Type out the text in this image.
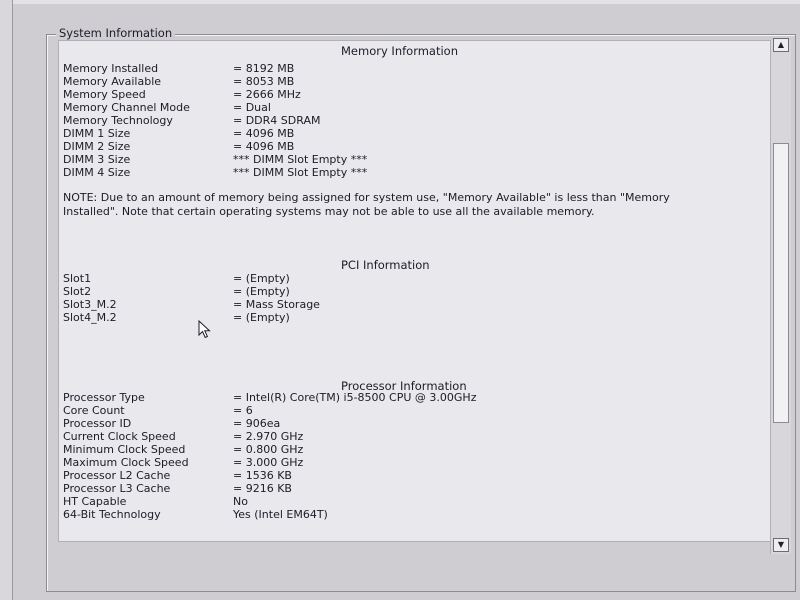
System Information
Memory Information
Memory Installed	= 8192 MB
Memory Available	= 8053 MB
Memory Speed	= 2666 MHz
Memory Channel Mode	= Dual
Memory Technology	= DDR4 SDRAM
DIMM 1 Size	= 4096 MB
DIMM 2 Size	= 4096 MB
DIMM 3 Size	*** DIMM Slot Empty ***
DIMM 4 Size	*** DIMM Slot Empty ***
NOTE: Due to an amount of memory being assigned for system use, "Memory Available" is less than "Memory Installed". Note that certain operating systems may not be able to use all the available memory.
PCI Information
Slot1	= (Empty)
Slot2	= (Empty)
Slot3_M.2	= Mass Storage
Slot4_M.2	= (Empty)
Processor Information
Processor Type	= Intel(R) Core(TM) i5-8500 CPU @ 3.00GHz
Core Count	= 6
Processor ID	= 906ea
Current Clock Speed	= 2.970 GHz
Minimum Clock Speed	= 0.800 GHz
Maximum Clock Speed	= 3.000 GHz
Processor L2 Cache	= 1536 KB
Processor L3 Cache	= 9216 KB
HT Capable	No
64-Bit Technology	Yes (Intel EM64T)
▲
▼
